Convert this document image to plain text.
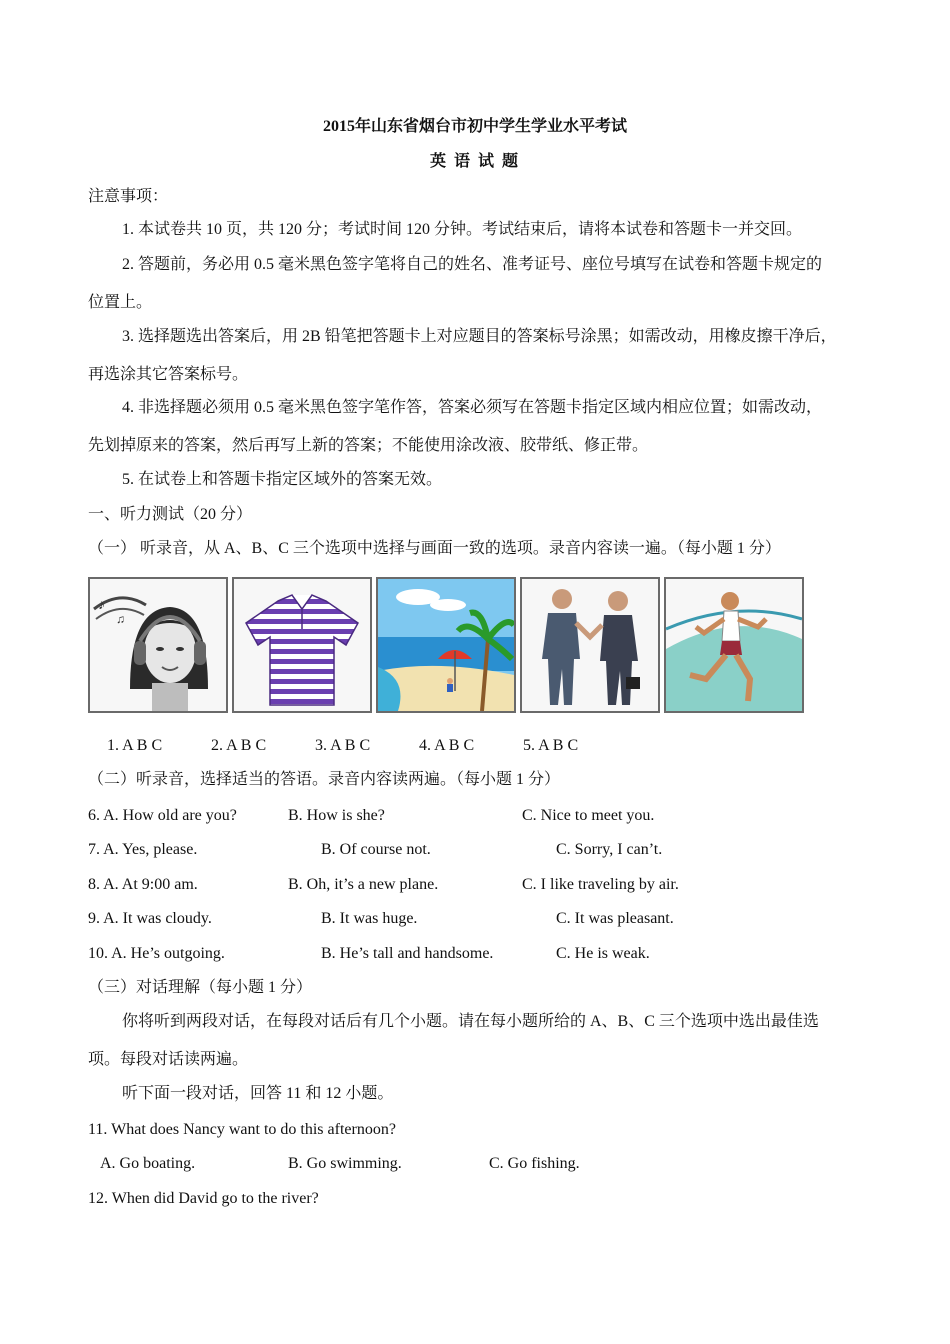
2015年山东省烟台市初中学生学业水平考试
英 语 试 题
注意事项：
1. 本试卷共 10 页，共 120 分；考试时间 120 分钟。考试结束后，请将本试卷和答题卡一并交回。
2. 答题前，务必用 0.5 毫米黑色签字笔将自己的姓名、准考证号、座位号填写在试卷和答题卡规定的
位置上。
3. 选择题选出答案后，用 2B 铅笔把答题卡上对应题目的答案标号涂黑；如需改动，用橡皮擦干净后，
再选涂其它答案标号。
4. 非选择题必须用 0.5 毫米黑色签字笔作答，答案必须写在答题卡指定区域内相应位置；如需改动，
先划掉原来的答案，然后再写上新的答案；不能使用涂改液、胶带纸、修正带。
5. 在试卷上和答题卡指定区域外的答案无效。
一、听力测试（20 分）
（一） 听录音，从 A、B、C 三个选项中选择与画面一致的选项。录音内容读一遍。（每小题 1 分）
♪
♫
1. A B C	2. A B C	3. A B C	4. A B C	5. A B C
（二）听录音，选择适当的答语。录音内容读两遍。（每小题 1 分）
6. A. How old are you?	B. How is she?	C. Nice to meet you.
7. A. Yes, please.	B. Of course not.	C. Sorry, I can’t.
8. A. At 9:00 am.	B. Oh, it’s a new plane.	C. I like traveling by air.
9. A. It was cloudy.	B. It was huge.	C. It was pleasant.
10. A. He’s outgoing.	B. He’s tall and handsome.	C. He is weak.
（三）对话理解（每小题 1 分）
你将听到两段对话，在每段对话后有几个小题。请在每小题所给的 A、B、C 三个选项中选出最佳选
项。每段对话读两遍。
听下面一段对话，回答 11 和 12 小题。
11. What does Nancy want to do this afternoon?
A. Go boating.	B. Go swimming.	C. Go fishing.
12. When did David go to the river?
